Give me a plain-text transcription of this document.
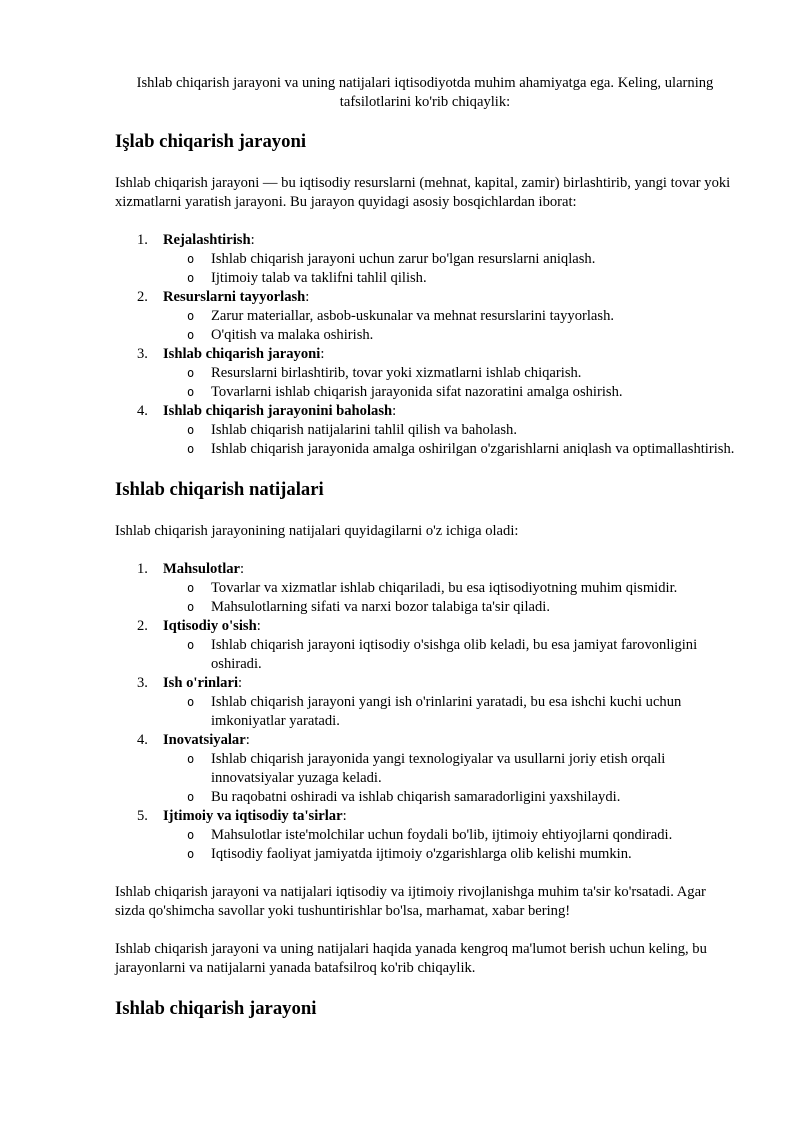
Ishlab chiqarish jarayoni va uning natijalari iqtisodiyotda muhim ahamiyatga ega. Keling, ularning tafsilotlarini ko'rib chiqaylik:

Işlab chiqarish jarayoni

Ishlab chiqarish jarayoni — bu iqtisodiy resurslarni (mehnat, kapital, zamir) birlashtirib, yangi tovar yoki xizmatlarni yaratish jarayoni. Bu jarayon quyidagi asosiy bosqichlardan iborat:

1. Rejalashtirish:
o Ishlab chiqarish jarayoni uchun zarur bo'lgan resurslarni aniqlash.
o Ijtimoiy talab va taklifni tahlil qilish.
2. Resurslarni tayyorlash:
o Zarur materiallar, asbob-uskunalar va mehnat resurslarini tayyorlash.
o O'qitish va malaka oshirish.
3. Ishlab chiqarish jarayoni:
o Resurslarni birlashtirib, tovar yoki xizmatlarni ishlab chiqarish.
o Tovarlarni ishlab chiqarish jarayonida sifat nazoratini amalga oshirish.
4. Ishlab chiqarish jarayonini baholash:
o Ishlab chiqarish natijalarini tahlil qilish va baholash.
o Ishlab chiqarish jarayonida amalga oshirilgan o'zgarishlarni aniqlash va optimallashtirish.
Ishlab chiqarish natijalari

Ishlab chiqarish jarayonining natijalari quyidagilarni o'z ichiga oladi:

1. Mahsulotlar:
o Tovarlar va xizmatlar ishlab chiqariladi, bu esa iqtisodiyotning muhim qismidir.
o Mahsulotlarning sifati va narxi bozor talabiga ta'sir qiladi.
2. Iqtisodiy o'sish:
o Ishlab chiqarish jarayoni iqtisodiy o'sishga olib keladi, bu esa jamiyat farovonligini oshiradi.
3. Ish o'rinlari:
o Ishlab chiqarish jarayoni yangi ish o'rinlarini yaratadi, bu esa ishchi kuchi uchun imkoniyatlar yaratadi.
4. Inovatsiyalar:
o Ishlab chiqarish jarayonida yangi texnologiyalar va usullarni joriy etish orqali innovatsiyalar yuzaga keladi.
o Bu raqobatni oshiradi va ishlab chiqarish samaradorligini yaxshilaydi.
5. Ijtimoiy va iqtisodiy ta'sirlar:
o Mahsulotlar iste'molchilar uchun foydali bo'lib, ijtimoiy ehtiyojlarni qondiradi.
o Iqtisodiy faoliyat jamiyatda ijtimoiy o'zgarishlarga olib kelishi mumkin.

Ishlab chiqarish jarayoni va natijalari iqtisodiy va ijtimoiy rivojlanishga muhim ta'sir ko'rsatadi. Agar sizda qo'shimcha savollar yoki tushuntirishlar bo'lsa, marhamat, xabar bering!

Ishlab chiqarish jarayoni va uning natijalari haqida yanada kengroq ma'lumot berish uchun keling, bu jarayonlarni va natijalarni yanada batafsilroq ko'rib chiqaylik.

Ishlab chiqarish jarayoni
